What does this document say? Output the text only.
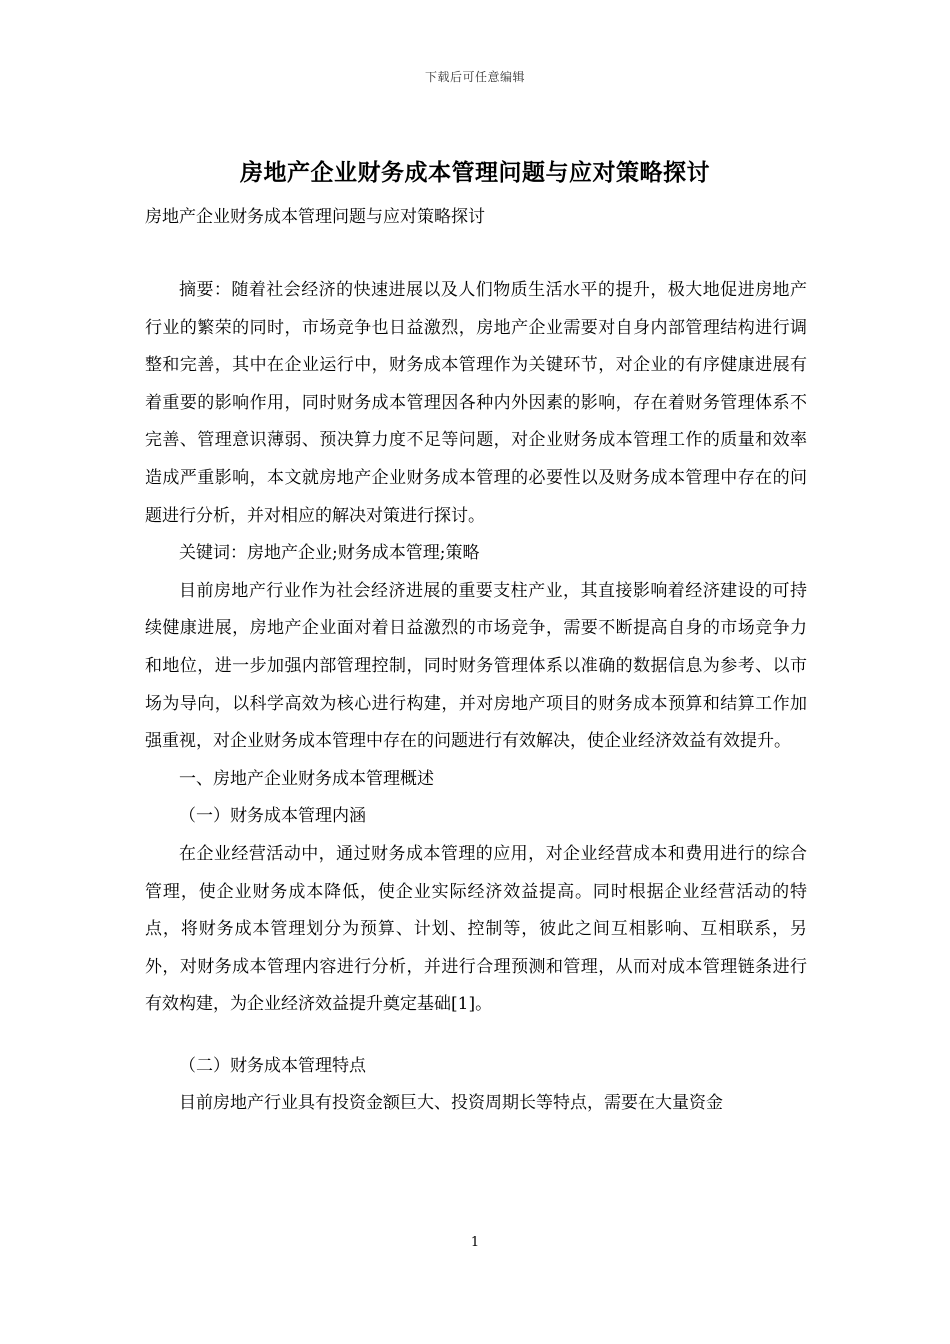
下载后可任意编辑
房地产企业财务成本管理问题与应对策略探讨
房地产企业财务成本管理问题与应对策略探讨

摘要：随着社会经济的快速进展以及人们物质生活水平的提升，极大地促进房地产行业的繁荣的同时，市场竞争也日益激烈，房地产企业需要对自身内部管理结构进行调整和完善，其中在企业运行中，财务成本管理作为关键环节，对企业的有序健康进展有着重要的影响作用，同时财务成本管理因各种内外因素的影响，存在着财务管理体系不完善、管理意识薄弱、预决算力度不足等问题，对企业财务成本管理工作的质量和效率造成严重影响，本文就房地产企业财务成本管理的必要性以及财务成本管理中存在的问题进行分析，并对相应的解决对策进行探讨。

关键词：房地产企业;财务成本管理;策略

目前房地产行业作为社会经济进展的重要支柱产业，其直接影响着经济建设的可持续健康进展，房地产企业面对着日益激烈的市场竞争，需要不断提高自身的市场竞争力和地位，进一步加强内部管理控制，同时财务管理体系以准确的数据信息为参考、以市场为导向，以科学高效为核心进行构建，并对房地产项目的财务成本预算和结算工作加强重视，对企业财务成本管理中存在的问题进行有效解决，使企业经济效益有效提升。

一、房地产企业财务成本管理概述

（一）财务成本管理内涵

在企业经营活动中，通过财务成本管理的应用，对企业经营成本和费用进行的综合管理，使企业财务成本降低，使企业实际经济效益提高。同时根据企业经营活动的特点，将财务成本管理划分为预算、计划、控制等，彼此之间互相影响、互相联系，另外，对财务成本管理内容进行分析，并进行合理预测和管理，从而对成本管理链条进行有效构建，为企业经济效益提升奠定基础[1]。

（二）财务成本管理特点

目前房地产行业具有投资金额巨大、投资周期长等特点，需要在大量资金

1
